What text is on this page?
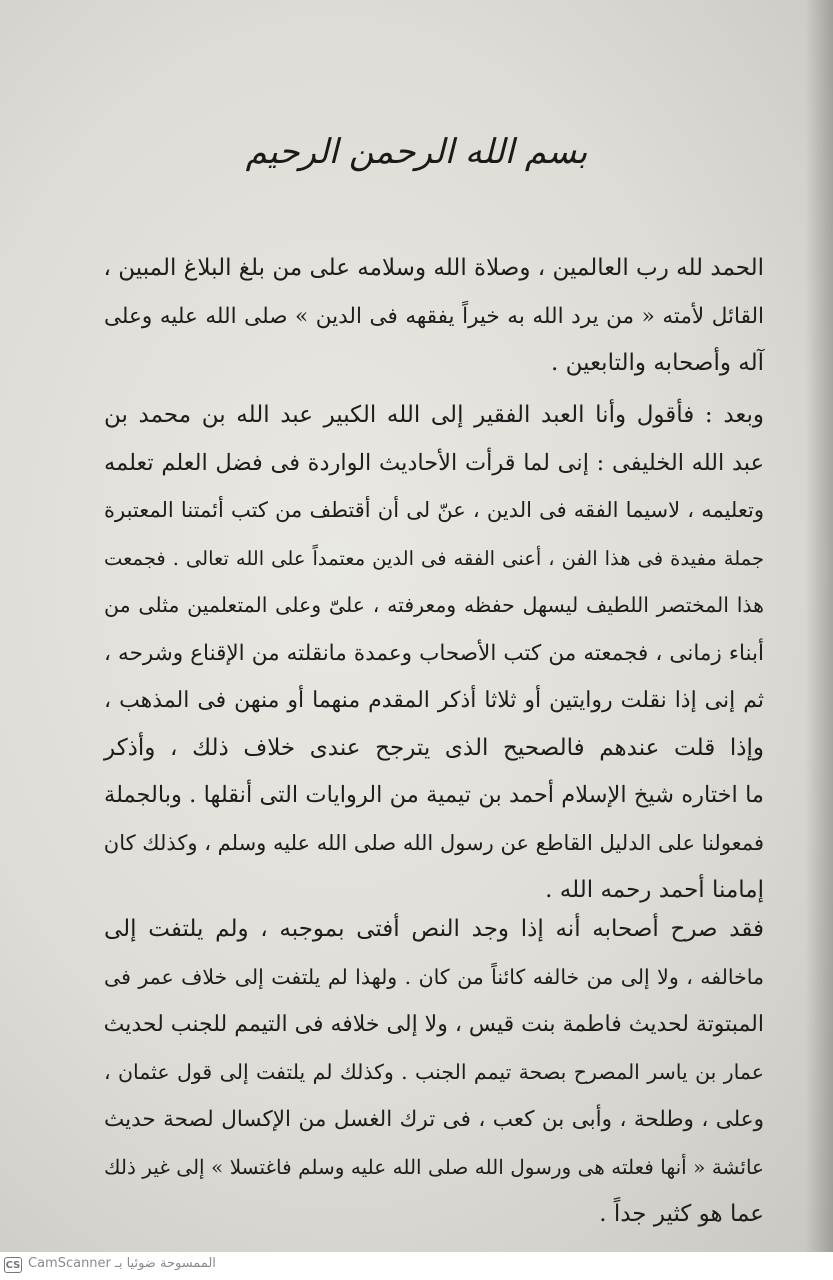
بسم الله الرحمن الرحيم
الحمد لله رب العالمين ، وصلاة الله وسلامه على من بلغ البلاغ المبين ،
القائل لأمته « من يرد الله به خيراً يفقهه فى الدين » صلى الله عليه وعلى
آله وأصحابه والتابعين .
وبعد : فأقول وأنا العبد الفقير إلى الله الكبير عبد الله بن محمد بن
عبد الله الخليفى : إنى لما قرأت الأحاديث الواردة فى فضل العلم تعلمه
وتعليمه ، لاسيما الفقه فى الدين ، عنّ لى أن أقتطف من كتب أئمتنا المعتبرة
جملة مفيدة فى هذا الفن ، أعنى الفقه فى الدين معتمداً على الله تعالى . فجمعت
هذا المختصر اللطيف ليسهل حفظه ومعرفته ، علىّ وعلى المتعلمين مثلى من
أبناء زمانى ، فجمعته من كتب الأصحاب وعمدة مانقلته من الإقناع وشرحه ،
ثم إنى إذا نقلت روايتين أو ثلاثا أذكر المقدم منهما أو منهن فى المذهب ،
وإذا قلت عندهم فالصحيح الذى يترجح عندى خلاف ذلك ، وأذكر
ما اختاره شيخ الإسلام أحمد بن تيمية من الروايات التى أنقلها . وبالجملة
فمعولنا على الدليل القاطع عن رسول الله صلى الله عليه وسلم ، وكذلك كان
إمامنا أحمد رحمه الله .
فقد صرح أصحابه أنه إذا وجد النص أفتى بموجبه ، ولم يلتفت إلى
ماخالفه ، ولا إلى من خالفه كائناً من كان . ولهذا لم يلتفت إلى خلاف عمر فى
المبتوتة لحديث فاطمة بنت قيس ، ولا إلى خلافه فى التيمم للجنب لحديث
عمار بن ياسر المصرح بصحة تيمم الجنب . وكذلك لم يلتفت إلى قول عثمان ،
وعلى ، وطلحة ، وأبى بن كعب ، فى ترك الغسل من الإكسال لصحة حديث
عائشة « أنها فعلته هى ورسول الله صلى الله عليه وسلم فاغتسلا » إلى غير ذلك
عما هو كثير جداً .
CS CamScanner الممسوحة ضوئيا بـ
